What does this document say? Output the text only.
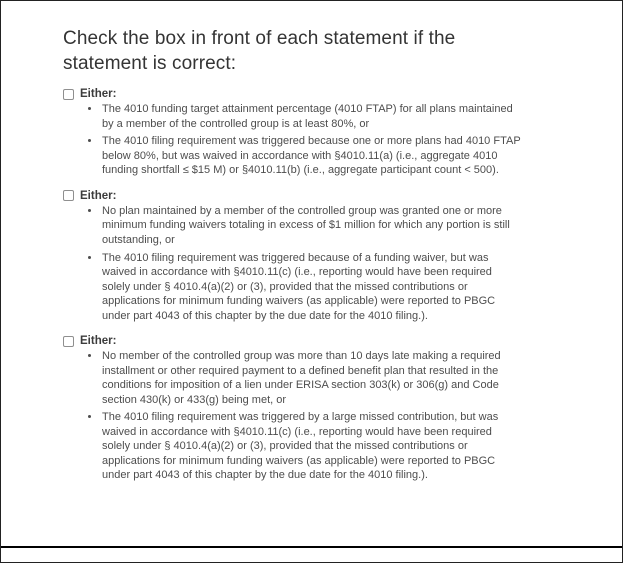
Check the box in front of each statement if the statement is correct:
Either:
• The 4010 funding target attainment percentage (4010 FTAP) for all plans maintained by a member of the controlled group is at least 80%, or
• The 4010 filing requirement was triggered because one or more plans had 4010 FTAP below 80%, but was waived in accordance with §4010.11(a) (i.e., aggregate 4010 funding shortfall ≤ $15 M) or §4010.11(b) (i.e., aggregate participant count < 500).
Either:
• No plan maintained by a member of the controlled group was granted one or more minimum funding waivers totaling in excess of $1 million for which any portion is still outstanding, or
• The 4010 filing requirement was triggered because of a funding waiver, but was waived in accordance with §4010.11(c) (i.e., reporting would have been required solely under § 4010.4(a)(2) or (3), provided that the missed contributions or applications for minimum funding waivers (as applicable) were reported to PBGC under part 4043 of this chapter by the due date for the 4010 filing.).
Either:
• No member of the controlled group was more than 10 days late making a required installment or other required payment to a defined benefit plan that resulted in the conditions for imposition of a lien under ERISA section 303(k) or 306(g) and Code section 430(k) or 433(g) being met, or
• The 4010 filing requirement was triggered by a large missed contribution, but was waived in accordance with §4010.11(c) (i.e., reporting would have been required solely under § 4010.4(a)(2) or (3), provided that the missed contributions or applications for minimum funding waivers (as applicable) were reported to PBGC under part 4043 of this chapter by the due date for the 4010 filing.).
